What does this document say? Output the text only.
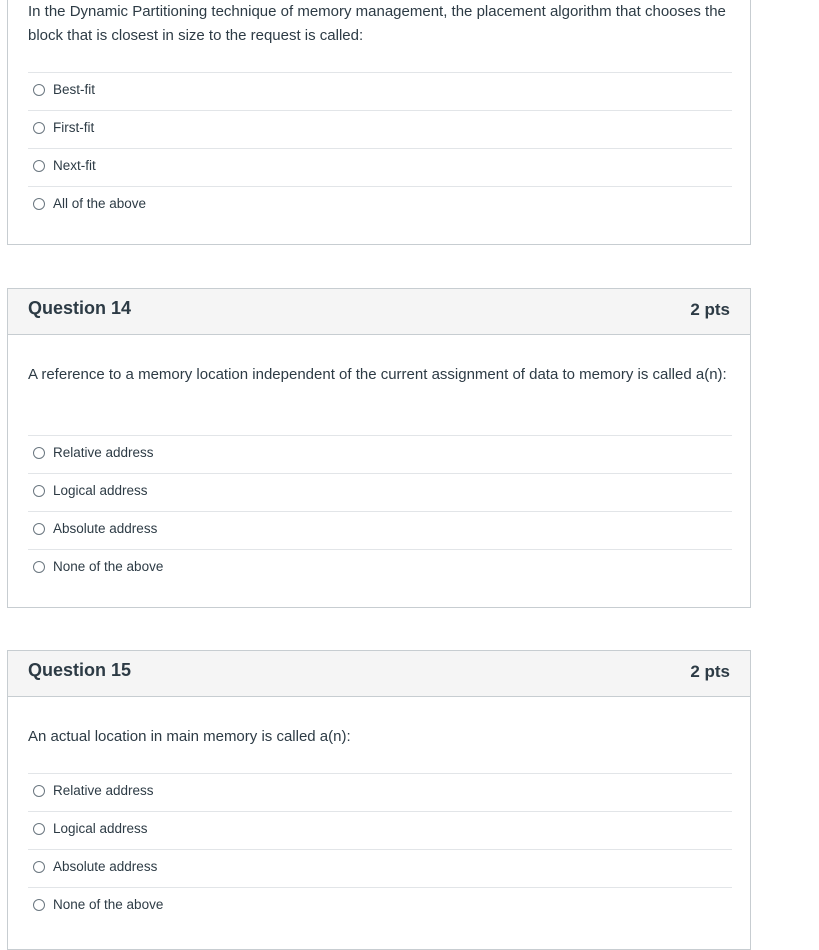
In the Dynamic Partitioning technique of memory management, the placement algorithm that chooses the block that is closest in size to the request is called:
Best-fit
First-fit
Next-fit
All of the above
Question 14	2 pts
A reference to a memory location independent of the current assignment of data to memory is called a(n):
Relative address
Logical address
Absolute address
None of the above
Question 15	2 pts
An actual location in main memory is called a(n):
Relative address
Logical address
Absolute address
None of the above
